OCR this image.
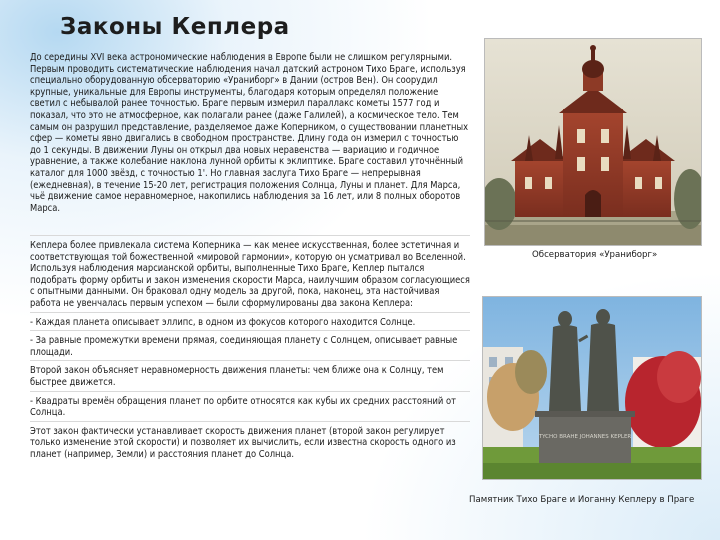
Законы Кеплера

До середины XVI века астрономические наблюдения в Европе были не слишком регулярными. Первым проводить систематические наблюдения начал датский астроном Тихо Браге, используя специально оборудованную обсерваторию «Ураниборг» в Дании (остров Вен). Он соорудил крупные, уникальные для Европы инструменты, благодаря которым определял положение светил с небывалой ранее точностью. Браге первым измерил параллакс кометы 1577 год и показал, что это не атмосферное, как полагали ранее (даже Галилей), а космическое тело. Тем самым он разрушил представление, разделяемое даже Коперником, о существовании планетных сфер — кометы явно двигались в свободном пространстве. Длину года он измерил с точностью до 1 секунды. В движении Луны он открыл два новых неравенства — вариацию и годичное уравнение, а также колебание наклона лунной орбиты к эклиптике. Браге составил уточнённый каталог для 1000 звёзд, с точностью 1'. Но главная заслуга Тихо Браге — непрерывная (ежедневная), в течение 15-20 лет, регистрация положения Солнца, Луны и планет. Для Марса, чьё движение самое неравномерное, накопились наблюдения за 16 лет, или 8 полных оборотов Марса.

Кеплера более привлекала система Коперника — как менее искусственная, более эстетичная и соответствующая той божественной «мировой гармонии», которую он усматривал во Вселенной. Используя наблюдения марсианской орбиты, выполненные Тихо Браге, Кеплер пытался подобрать форму орбиты и закон изменения скорости Марса, наилучшим образом согласующиеся с опытными данными. Он браковал одну модель за другой, пока, наконец, эта настойчивая работа не увенчалась первым успехом — были сформулированы два закона Кеплера:

- Каждая планета описывает эллипс, в одном из фокусов которого находится Солнце.

- За равные промежутки времени прямая, соединяющая планету с Солнцем, описывает равные площади.

Второй закон объясняет неравномерность движения планеты: чем ближе она к Солнцу, тем быстрее движется.

- Квадраты времён обращения планет по орбите относятся как кубы их средних расстояний от Солнца.

Этот закон фактически устанавливает скорость движения планет (второй закон регулирует только изменение этой скорости) и позволяет их вычислить, если известна скорость одного из планет (например, Земли) и расстояния планет до Солнца.

Обсерватория «Ураниборг»
TYCHO BRAHE JOHANNES KEPLER
Памятник Тихо Браге и Иоганну Кеплеру в Праге
